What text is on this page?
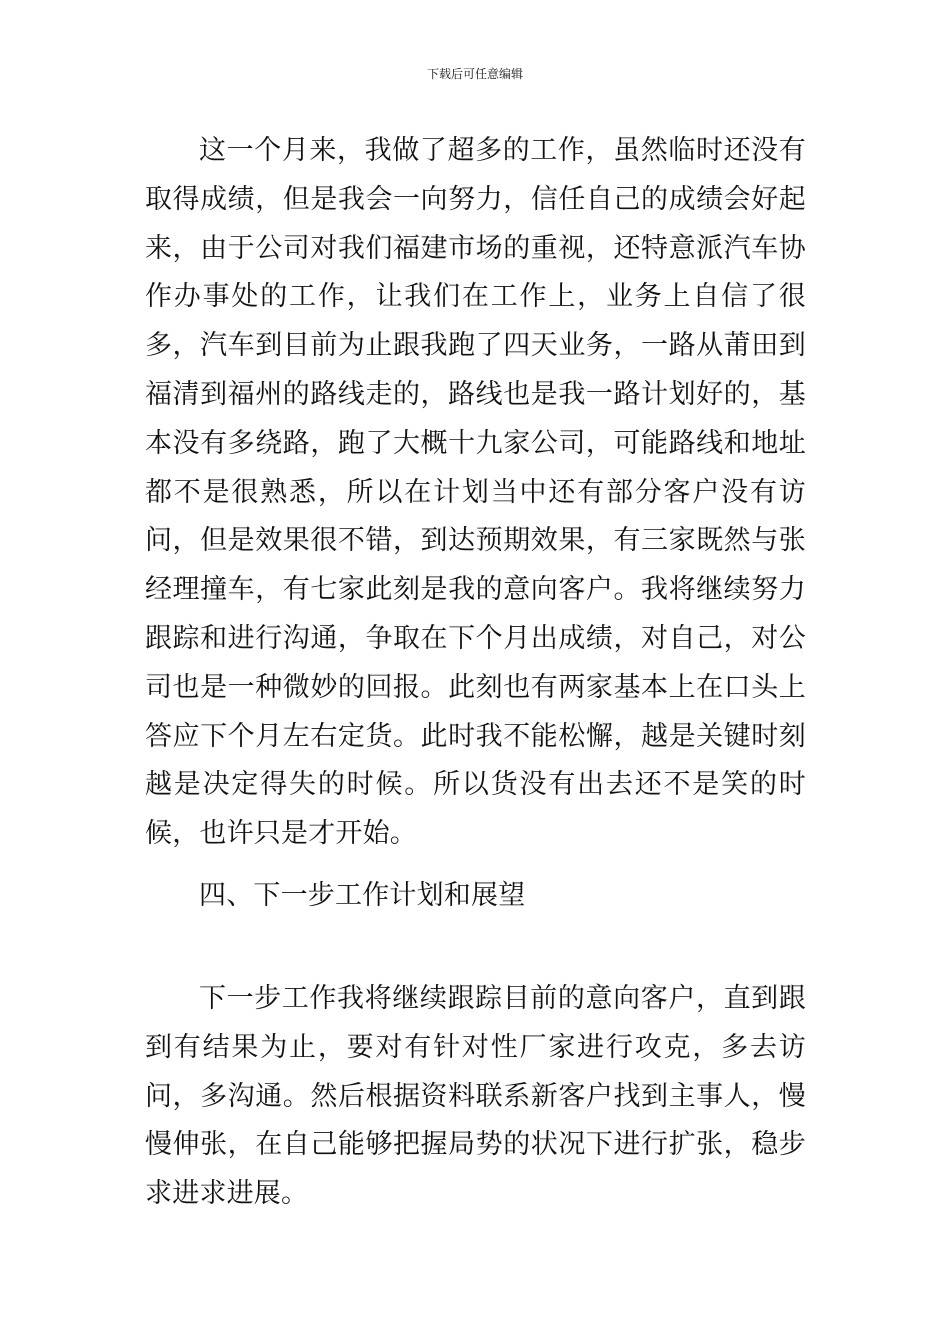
下载后可任意编辑

这一个月来，我做了超多的工作，虽然临时还没有取得成绩，但是我会一向努力，信任自己的成绩会好起来，由于公司对我们福建市场的重视，还特意派汽车协作办事处的工作，让我们在工作上，业务上自信了很多，汽车到目前为止跟我跑了四天业务，一路从莆田到福清到福州的路线走的，路线也是我一路计划好的，基本没有多绕路，跑了大概十九家公司，可能路线和地址都不是很熟悉，所以在计划当中还有部分客户没有访问，但是效果很不错，到达预期效果，有三家既然与张经理撞车，有七家此刻是我的意向客户。我将继续努力跟踪和进行沟通，争取在下个月出成绩，对自己，对公司也是一种微妙的回报。此刻也有两家基本上在口头上答应下个月左右定货。此时我不能松懈，越是关键时刻越是决定得失的时候。所以货没有出去还不是笑的时候，也许只是才开始。

四、下一步工作计划和展望

下一步工作我将继续跟踪目前的意向客户，直到跟到有结果为止，要对有针对性厂家进行攻克，多去访问，多沟通。然后根据资料联系新客户找到主事人，慢慢伸张，在自己能够把握局势的状况下进行扩张，稳步求进求进展。
